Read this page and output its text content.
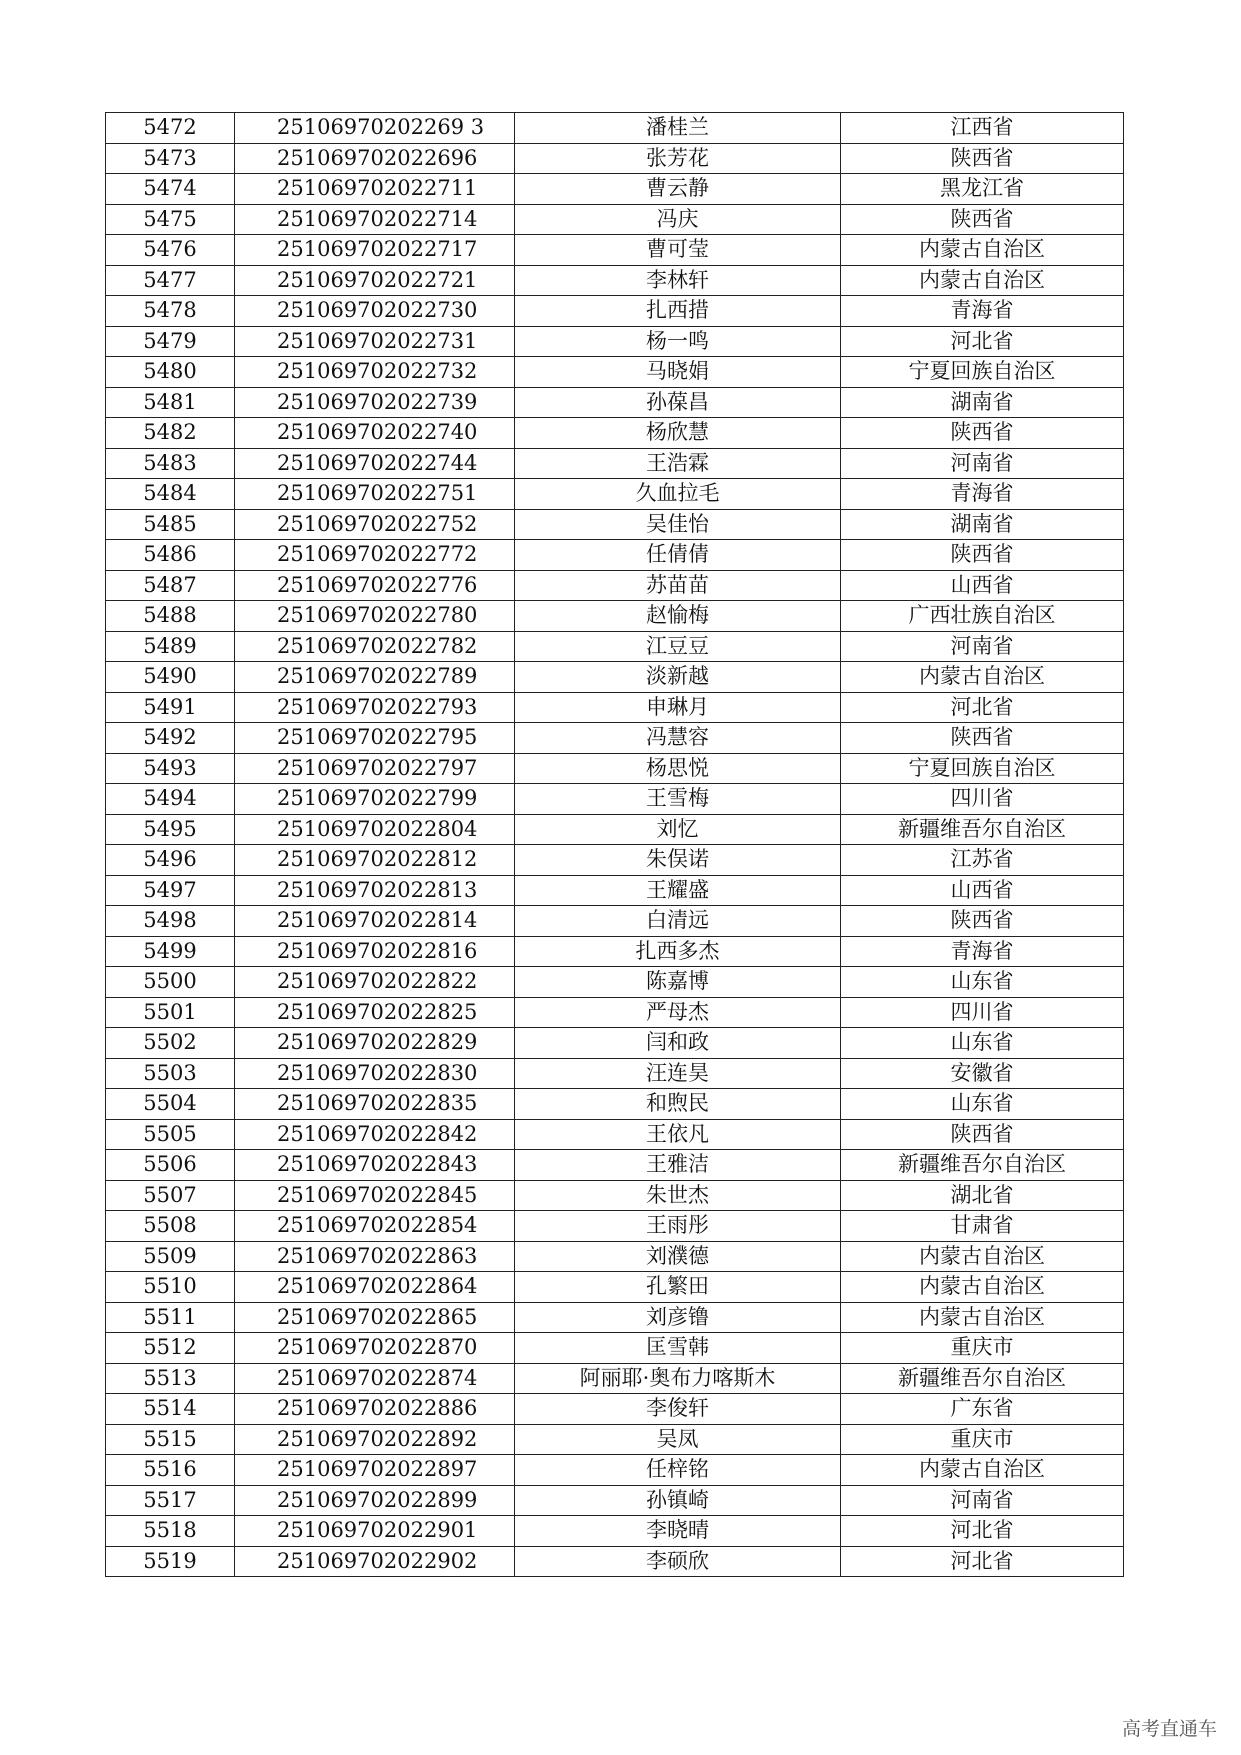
5472	25106970202269 3	潘桂兰	江西省
5473	251069702022696	张芳花	陕西省
5474	251069702022711	曹云静	黑龙江省
5475	251069702022714	冯庆	陕西省
5476	251069702022717	曹可莹	内蒙古自治区
5477	251069702022721	李林轩	内蒙古自治区
5478	251069702022730	扎西措	青海省
5479	251069702022731	杨一鸣	河北省
5480	251069702022732	马晓娟	宁夏回族自治区
5481	251069702022739	孙葆昌	湖南省
5482	251069702022740	杨欣慧	陕西省
5483	251069702022744	王浩霖	河南省
5484	251069702022751	久血拉毛	青海省
5485	251069702022752	吴佳怡	湖南省
5486	251069702022772	任倩倩	陕西省
5487	251069702022776	苏苗苗	山西省
5488	251069702022780	赵愉梅	广西壮族自治区
5489	251069702022782	江豆豆	河南省
5490	251069702022789	淡新越	内蒙古自治区
5491	251069702022793	申琳月	河北省
5492	251069702022795	冯慧容	陕西省
5493	251069702022797	杨思悦	宁夏回族自治区
5494	251069702022799	王雪梅	四川省
5495	251069702022804	刘忆	新疆维吾尔自治区
5496	251069702022812	朱俣诺	江苏省
5497	251069702022813	王耀盛	山西省
5498	251069702022814	白清远	陕西省
5499	251069702022816	扎西多杰	青海省
5500	251069702022822	陈嘉博	山东省
5501	251069702022825	严母杰	四川省
5502	251069702022829	闫和政	山东省
5503	251069702022830	汪连昊	安徽省
5504	251069702022835	和煦民	山东省
5505	251069702022842	王依凡	陕西省
5506	251069702022843	王雅洁	新疆维吾尔自治区
5507	251069702022845	朱世杰	湖北省
5508	251069702022854	王雨彤	甘肃省
5509	251069702022863	刘濮德	内蒙古自治区
5510	251069702022864	孔繁田	内蒙古自治区
5511	251069702022865	刘彦镥	内蒙古自治区
5512	251069702022870	匡雪韩	重庆市
5513	251069702022874	阿丽耶·奥布力喀斯木	新疆维吾尔自治区
5514	251069702022886	李俊轩	广东省
5515	251069702022892	吴凤	重庆市
5516	251069702022897	任梓铭	内蒙古自治区
5517	251069702022899	孙镇崎	河南省
5518	251069702022901	李晓晴	河北省
5519	251069702022902	李硕欣	河北省
高考直通车
